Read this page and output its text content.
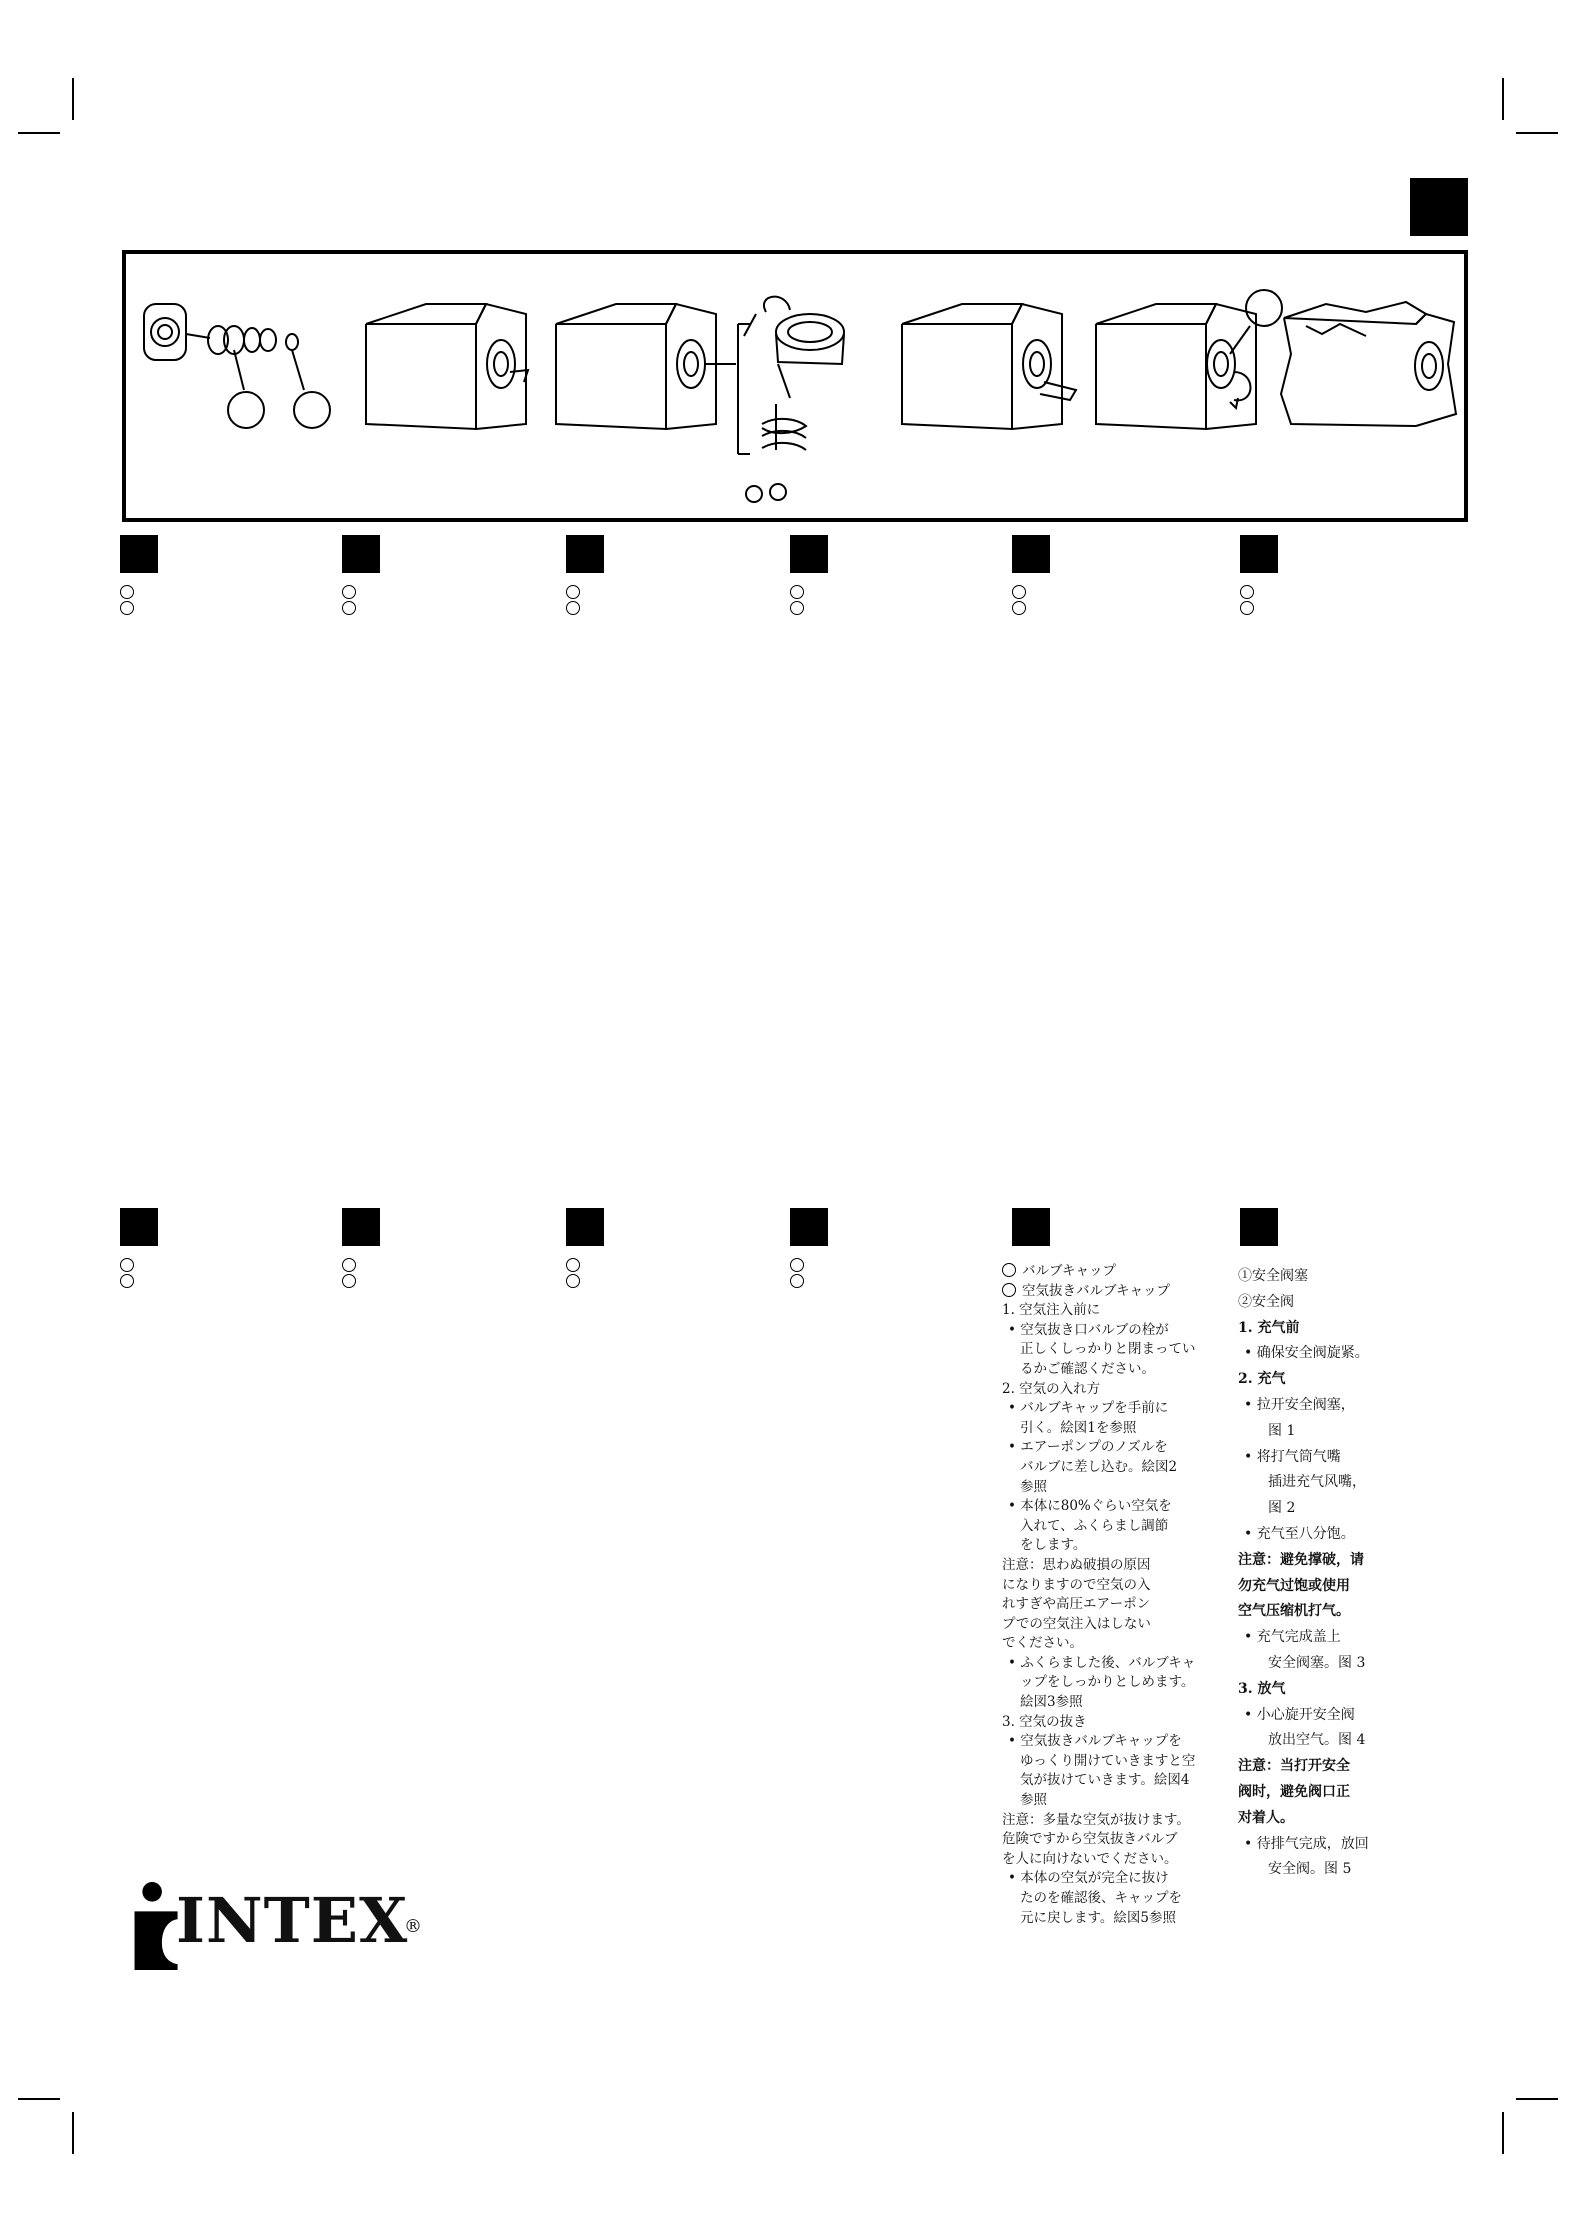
バルブキャップ

空気抜きバルブキャップ

1. 空気注入前に

• 空気抜き口バルブの栓が

正しくしっかりと閉まってい

るかご確認ください。

2. 空気の入れ方

• バルブキャップを手前に

引く。絵図1を参照

• エアーポンプのノズルを

バルブに差し込む。絵図2

参照

• 本体に80%ぐらい空気を

入れて、ふくらまし調節

をします。

注意：思わぬ破損の原因

になりますので空気の入

れすぎや高圧エアーポン

プでの空気注入はしない

でください。

• ふくらました後、バルブキャ

ップをしっかりとしめます。

絵図3参照

3. 空気の抜き

• 空気抜きバルブキャップを

ゆっくり開けていきますと空

気が抜けていきます。絵図4

参照

注意：多量な空気が抜けます。

危険ですから空気抜きバルブ

を人に向けないでください。

• 本体の空気が完全に抜け

たのを確認後、キャップを

元に戻します。絵図5参照

①安全阀塞

②安全阀

1. 充气前

• 确保安全阀旋紧。

2. 充气

• 拉开安全阀塞，

图 1

• 将打气筒气嘴

插进充气风嘴，

图 2

• 充气至八分饱。

注意：避免撑破，请

勿充气过饱或使用

空气压缩机打气。

• 充气完成盖上

安全阀塞。图 3

3. 放气

• 小心旋开安全阀

放出空气。图 4

注意：当打开安全

阀时，避免阀口正

对着人。

• 待排气完成，放回

安全阀。图 5

INTEX
®
